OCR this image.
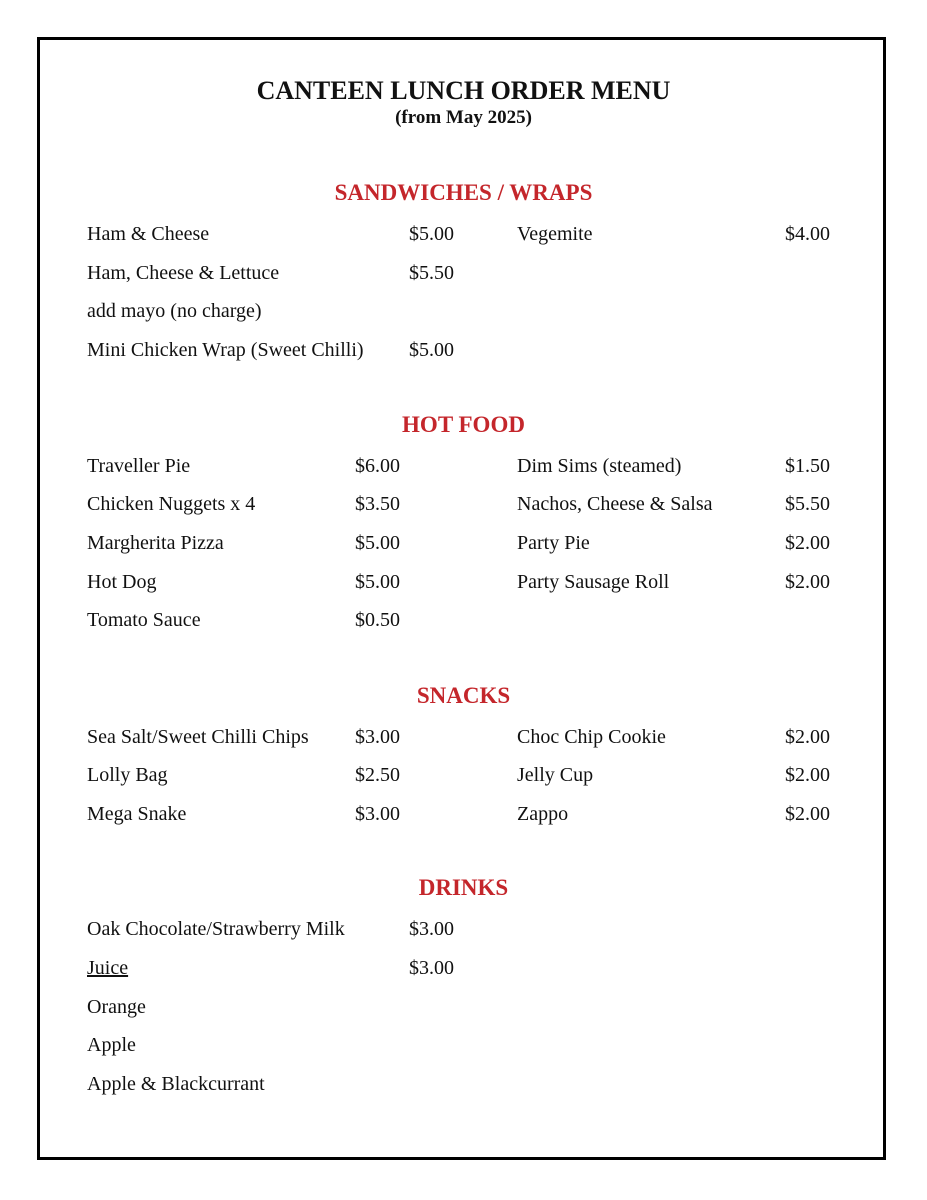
CANTEEN LUNCH ORDER MENU
(from May 2025)
SANDWICHES / WRAPS
Ham & Cheese	$5.00
Ham, Cheese & Lettuce	$5.50
add mayo (no charge)
Mini Chicken Wrap (Sweet Chilli) $5.00
Vegemite	$4.00
HOT FOOD
Traveller Pie	$6.00
Chicken Nuggets x 4	$3.50
Margherita Pizza	$5.00
Hot Dog	$5.00
Tomato Sauce	$0.50
Dim Sims (steamed)	$1.50
Nachos, Cheese & Salsa	$5.50
Party Pie	$2.00
Party Sausage Roll	$2.00
SNACKS
Sea Salt/Sweet Chilli Chips $3.00
Lolly Bag	$2.50
Mega Snake	$3.00
Choc Chip Cookie	$2.00
Jelly Cup	$2.00
Zappo	$2.00
DRINKS
Oak Chocolate/Strawberry Milk	$3.00
Juice	$3.00
Orange
Apple
Apple & Blackcurrant
